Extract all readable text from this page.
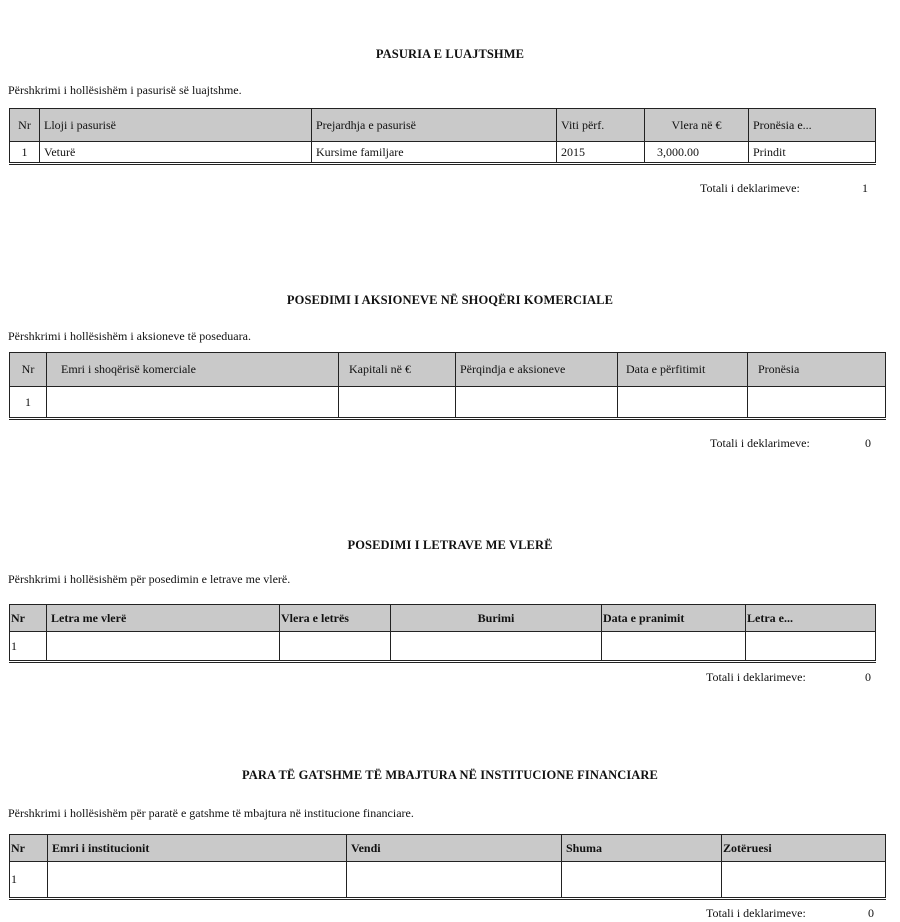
PASURIA E LUAJTSHME
Përshkrimi i hollësishëm i pasurisë së luajtshme.
Nr	Lloji i pasurisë	Prejardhja e pasurisë	Viti përf.	Vlera në €	Pronësia e...
1	Veturë	Kursime familjare	2015	3,000.00	Prindit
Totali i deklarimeve:	1
POSEDIMI I AKSIONEVE NË SHOQËRI KOMERCIALE
Përshkrimi i hollësishëm i aksioneve të poseduara.
Nr	Emri i shoqërisë komerciale	Kapitali në €	Përqindja e aksioneve	Data e përfitimit	Pronësia
1					
Totali i deklarimeve:	0
POSEDIMI I LETRAVE ME VLERË
Përshkrimi i hollësishëm për posedimin e letrave me vlerë.
Nr	Letra me vlerë	Vlera e letrës	Burimi	Data e pranimit	Letra e...
1					
Totali i deklarimeve:	0
PARA TË GATSHME TË MBAJTURA NË INSTITUCIONE FINANCIARE
Përshkrimi i hollësishëm për paratë e gatshme të mbajtura në institucione financiare.
Nr	Emri i institucionit	Vendi	Shuma	Zotëruesi
1				
Totali i deklarimeve:	0
